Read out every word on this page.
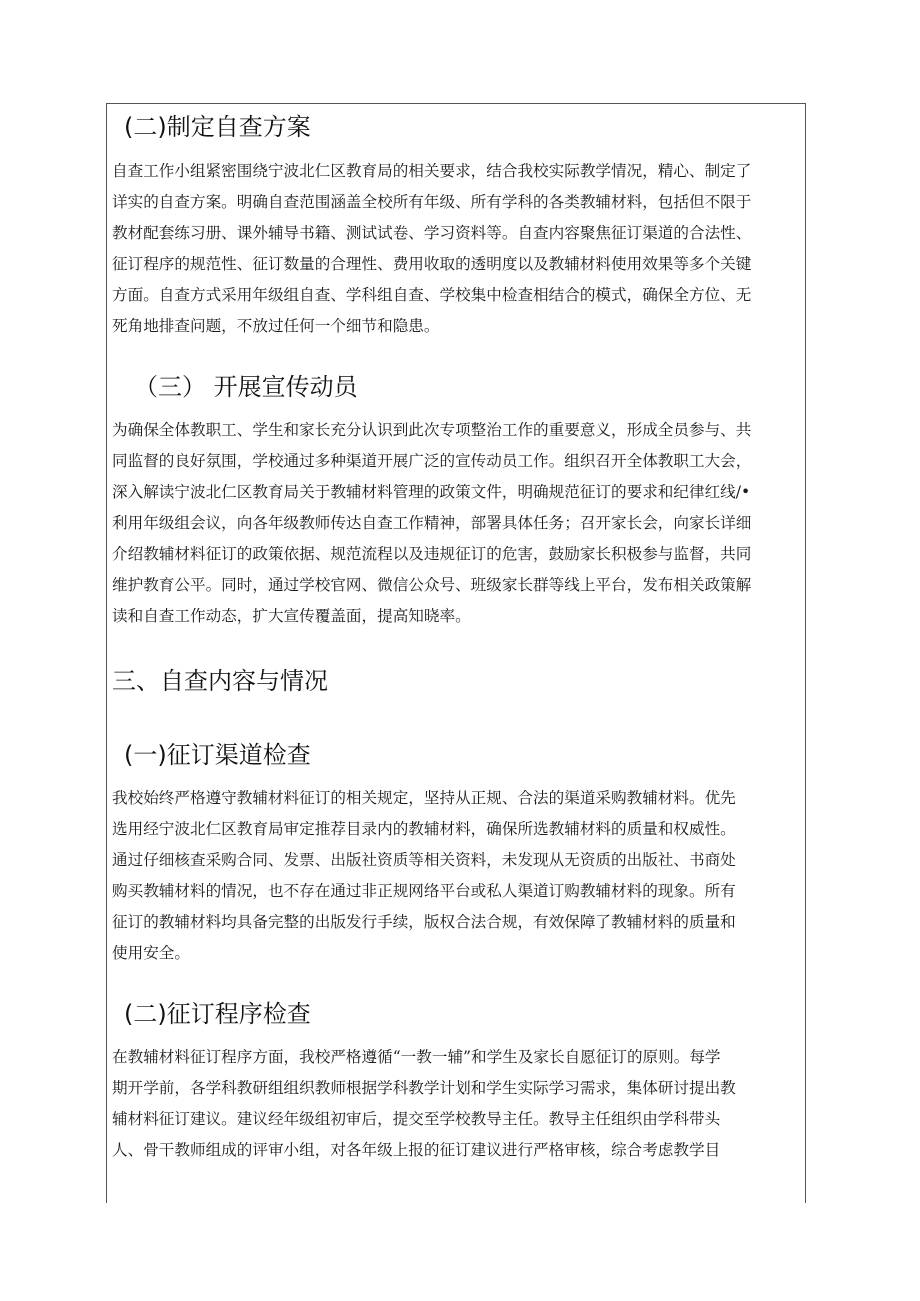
(二)制定自查方案
自查工作小组紧密围绕宁波北仁区教育局的相关要求，结合我校实际教学情况，精心、制定了
详实的自查方案。明确自查范围涵盖全校所有年级、所有学科的各类教辅材料，包括但不限于
教材配套练习册、课外辅导书籍、测试试卷、学习资料等。自查内容聚焦征订渠道的合法性、
征订程序的规范性、征订数量的合理性、费用收取的透明度以及教辅材料使用效果等多个关键
方面。自查方式采用年级组自查、学科组自查、学校集中检查相结合的模式，确保全方位、无
死角地排查问题，不放过任何一个细节和隐患。
（三） 开展宣传动员
为确保全体教职工、学生和家长充分认识到此次专项整治工作的重要意义，形成全员参与、共
同监督的良好氛围，学校通过多种渠道开展广泛的宣传动员工作。组织召开全体教职工大会，
深入解读宁波北仁区教育局关于教辅材料管理的政策文件，明确规范征订的要求和纪律红线/•
利用年级组会议，向各年级教师传达自查工作精神，部署具体任务；召开家长会，向家长详细
介绍教辅材料征订的政策依据、规范流程以及违规征订的危害，鼓励家长积极参与监督，共同
维护教育公平。同时，通过学校官网、微信公众号、班级家长群等线上平台，发布相关政策解
读和自查工作动态，扩大宣传覆盖面，提高知晓率。
三、自查内容与情况
(一)征订渠道检查
我校始终严格遵守教辅材料征订的相关规定，坚持从正规、合法的渠道采购教辅材料。优先
选用经宁波北仁区教育局审定推荐目录内的教辅材料，确保所选教辅材料的质量和权威性。
通过仔细核查采购合同、发票、出版社资质等相关资料，未发现从无资质的出版社、书商处
购买教辅材料的情况，也不存在通过非正规网络平台或私人渠道订购教辅材料的现象。所有
征订的教辅材料均具备完整的出版发行手续，版权合法合规，有效保障了教辅材料的质量和
使用安全。
(二)征订程序检查
在教辅材料征订程序方面，我校严格遵循“一教一辅”和学生及家长自愿征订的原则。每学
期开学前，各学科教研组组织教师根据学科教学计划和学生实际学习需求，集体研讨提出教
辅材料征订建议。建议经年级组初审后，提交至学校教导主任。教导主任组织由学科带头
人、骨干教师组成的评审小组，对各年级上报的征订建议进行严格审核，综合考虑教学目
